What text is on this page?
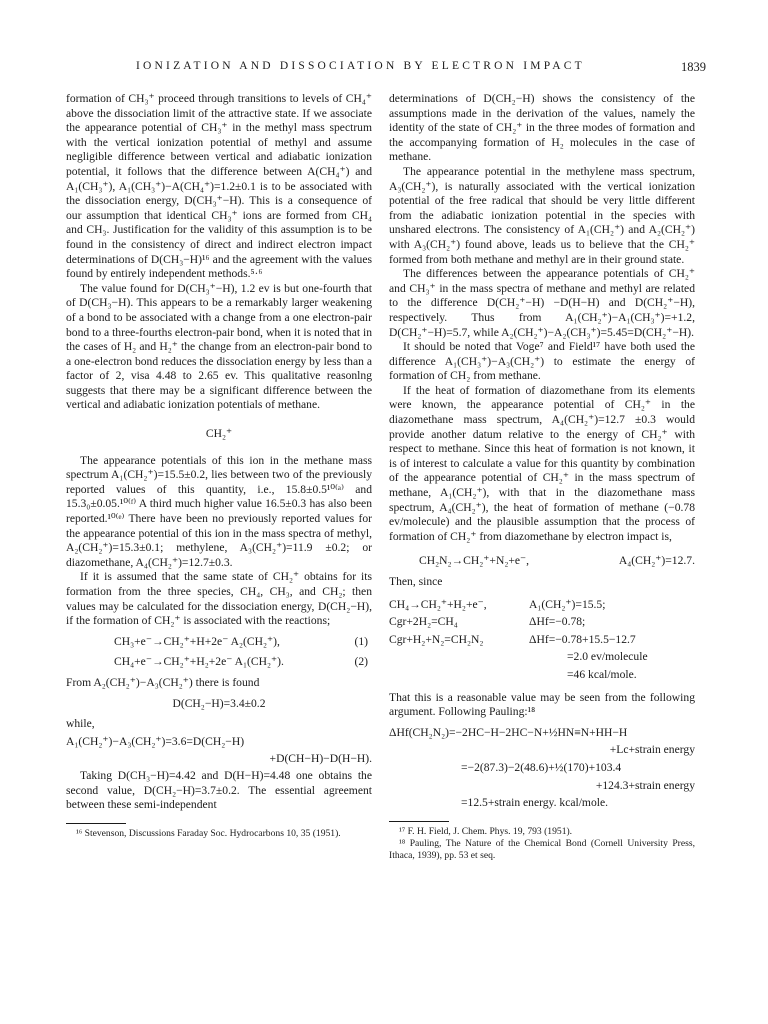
IONIZATION AND DISSOCIATION BY ELECTRON IMPACT	1839

formation of CH₃⁺ proceed through transitions to levels of CH₄⁺ above the dissociation limit of the attractive state. If we associate the appearance potential of CH₃⁺ in the methyl mass spectrum with the vertical ionization potential of methyl and assume negligible difference between vertical and adiabatic ionization potential, it follows that the difference between A(CH₄⁺) and A₁(CH₃⁺), A₁(CH₃⁺)−A(CH₄⁺)=1.2±0.1 is to be associated with the dissociation energy, D(CH₃⁺−H). This is a consequence of our assumption that identical CH₃⁺ ions are formed from CH₄ and CH₃. Justification for the validity of this assumption is to be found in the consistency of direct and indirect electron impact determinations of D(CH₃−H)¹⁶ and the agreement with the values found by entirely independent methods.⁵·⁶

The value found for D(CH₃⁺−H), 1.2 ev is but one-fourth that of D(CH₃−H). This appears to be a remarkably larger weakening of a bond to be associated with a change from a one electron-pair bond to a three-fourths electron-pair bond, when it is noted that in the cases of H₂ and H₂⁺ the change from an electron-pair bond to a one-electron bond reduces the dissociation energy by less than a factor of 2, visa 4.48 to 2.65 ev. This qualitative reasonlng suggests that there may be a significant difference between the vertical and adiabatic ionization potentials of methane.

CH₂⁺

The appearance potentials of this ion in the methane mass spectrum A₁(CH₂⁺)=15.5±0.2, lies between two of the previously reported values of this quantity, i.e., 15.8±0.5¹⁰⁽ᵃ⁾ and 15.3₀±0.05.¹⁰⁽ᶠ⁾ A third much higher value 16.5±0.3 has also been reported.¹⁰⁽ᵉ⁾ There have been no previously reported values for the appearance potential of this ion in the mass spectra of methyl, A₂(CH₂⁺)=15.3±0.1; methylene, A₃(CH₂⁺)=11.9 ±0.2; or diazomethane, A₄(CH₂⁺)=12.7±0.3.

If it is assumed that the same state of CH₂⁺ obtains for its formation from the three species, CH₄, CH₃, and CH₂; then values may be calculated for the dissociation energy, D(CH₂−H), if the formation of CH₂⁺ is associated with the reactions;

CH₃+e⁻→CH₂⁺+H+2e⁻ A₂(CH₂⁺),	(1)
CH₄+e⁻→CH₂⁺+H₂+2e⁻ A₁(CH₂⁺).	(2)
From A₂(CH₂⁺)−A₃(CH₂⁺) there is found
D(CH₂−H)=3.4±0.2
while,
A₁(CH₂⁺)−A₃(CH₂⁺)=3.6=D(CH₂−H)
+D(CH−H)−D(H−H).

Taking D(CH₃−H)=4.42 and D(H−H)=4.48 one obtains the second value, D(CH₂−H)=3.7±0.2. The essential agreement between these semi-independent

¹⁶ Stevenson, Discussions Faraday Soc. Hydrocarbons 10, 35 (1951).

determinations of D(CH₂−H) shows the consistency of the assumptions made in the derivation of the values, namely the identity of the state of CH₂⁺ in the three modes of formation and the accompanying formation of H₂ molecules in the case of methane.

The appearance potential in the methylene mass spectrum, A₃(CH₂⁺), is naturally associated with the vertical ionization potential of the free radical that should be very little different from the adiabatic ionization potential in the species with unshared electrons. The consistency of A₁(CH₂⁺) and A₂(CH₂⁺) with A₃(CH₂⁺) found above, leads us to believe that the CH₂⁺ formed from both methane and methyl are in their ground state.

The differences between the appearance potentials of CH₂⁺ and CH₃⁺ in the mass spectra of methane and methyl are related to the difference D(CH₂⁺−H) −D(H−H) and D(CH₂⁺−H), respectively. Thus from A₁(CH₂⁺)−A₁(CH₃⁺)=+1.2, D(CH₂⁺−H)=5.7, while A₂(CH₂⁺)−A₂(CH₃⁺)=5.45=D(CH₂⁺−H).

It should be noted that Voge⁷ and Field¹⁷ have both used the difference A₁(CH₃⁺)−A₃(CH₂⁺) to estimate the energy of formation of CH₂ from methane.

If the heat of formation of diazomethane from its elements were known, the appearance potential of CH₂⁺ in the diazomethane mass spectrum, A₄(CH₂⁺)=12.7 ±0.3 would provide another datum relative to the energy of CH₂⁺ with respect to methane. Since this heat of formation is not known, it is of interest to calculate a value for this quantity by combination of the appearance potential of CH₂⁺ in the mass spectrum of methane, A₁(CH₂⁺), with that in the diazomethane mass spectrum, A₄(CH₂⁺), the heat of formation of methane (−0.78 ev/molecule) and the plausible assumption that the process of formation of CH₂⁺ from diazomethane by electron impact is,

CH₂N₂→CH₂⁺+N₂+e⁻,	A₄(CH₂⁺)=12.7.
Then, since
CH₄→CH₂⁺+H₂+e⁻,	A₁(CH₂⁺)=15.5;
Cgr+2H₂=CH₄	ΔHf=−0.78;
Cgr+H₂+N₂=CH₂N₂	ΔHf=−0.78+15.5−12.7
=2.0 ev/molecule
=46 kcal/mole.

That this is a reasonable value may be seen from the following argument. Following Pauling:¹⁸

ΔHf(CH₂N₂)=−2HC−H−2HC−N+½HN≡N+HH−H
+Lc+strain energy
=−2(87.3)−2(48.6)+½(170)+103.4
+124.3+strain energy
=12.5+strain energy. kcal/mole.
¹⁷ F. H. Field, J. Chem. Phys. 19, 793 (1951).
¹⁸ Pauling, The Nature of the Chemical Bond (Cornell University Press, Ithaca, 1939), pp. 53 et seq.
